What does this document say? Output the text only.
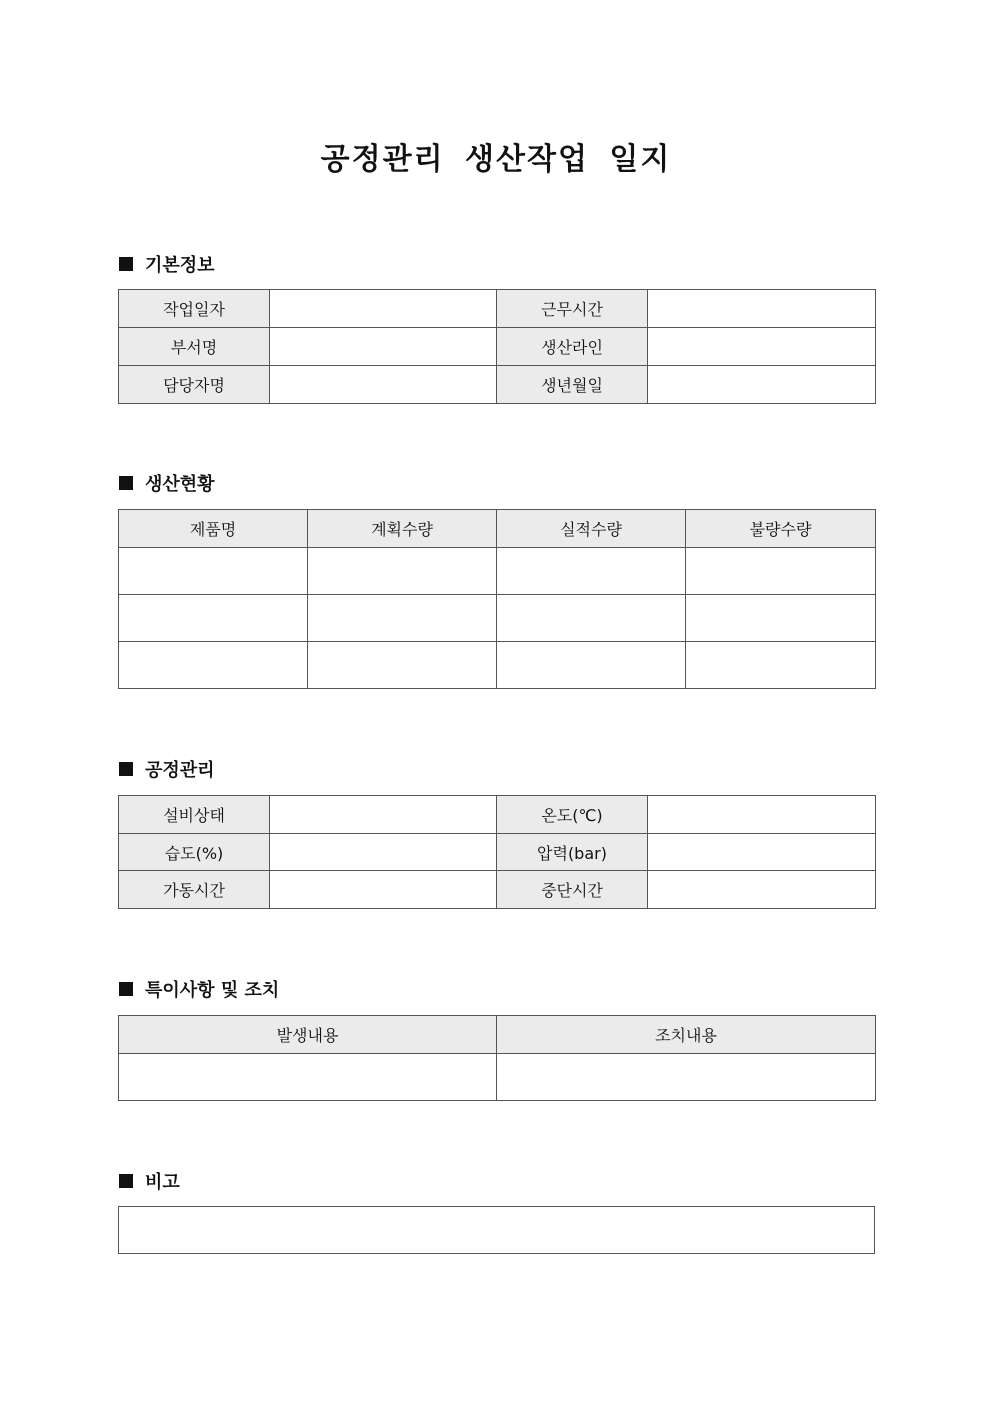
공정관리 생산작업 일지
기본정보
작업일자		근무시간	
부서명		생산라인	
담당자명		생년월일	
생산현황
제품명	계획수량	실적수량	불량수량

공정관리
설비상태		온도(℃)	
습도(%)		압력(bar)	
가동시간		중단시간	
특이사항 및 조치
발생내용	조치내용

비고
